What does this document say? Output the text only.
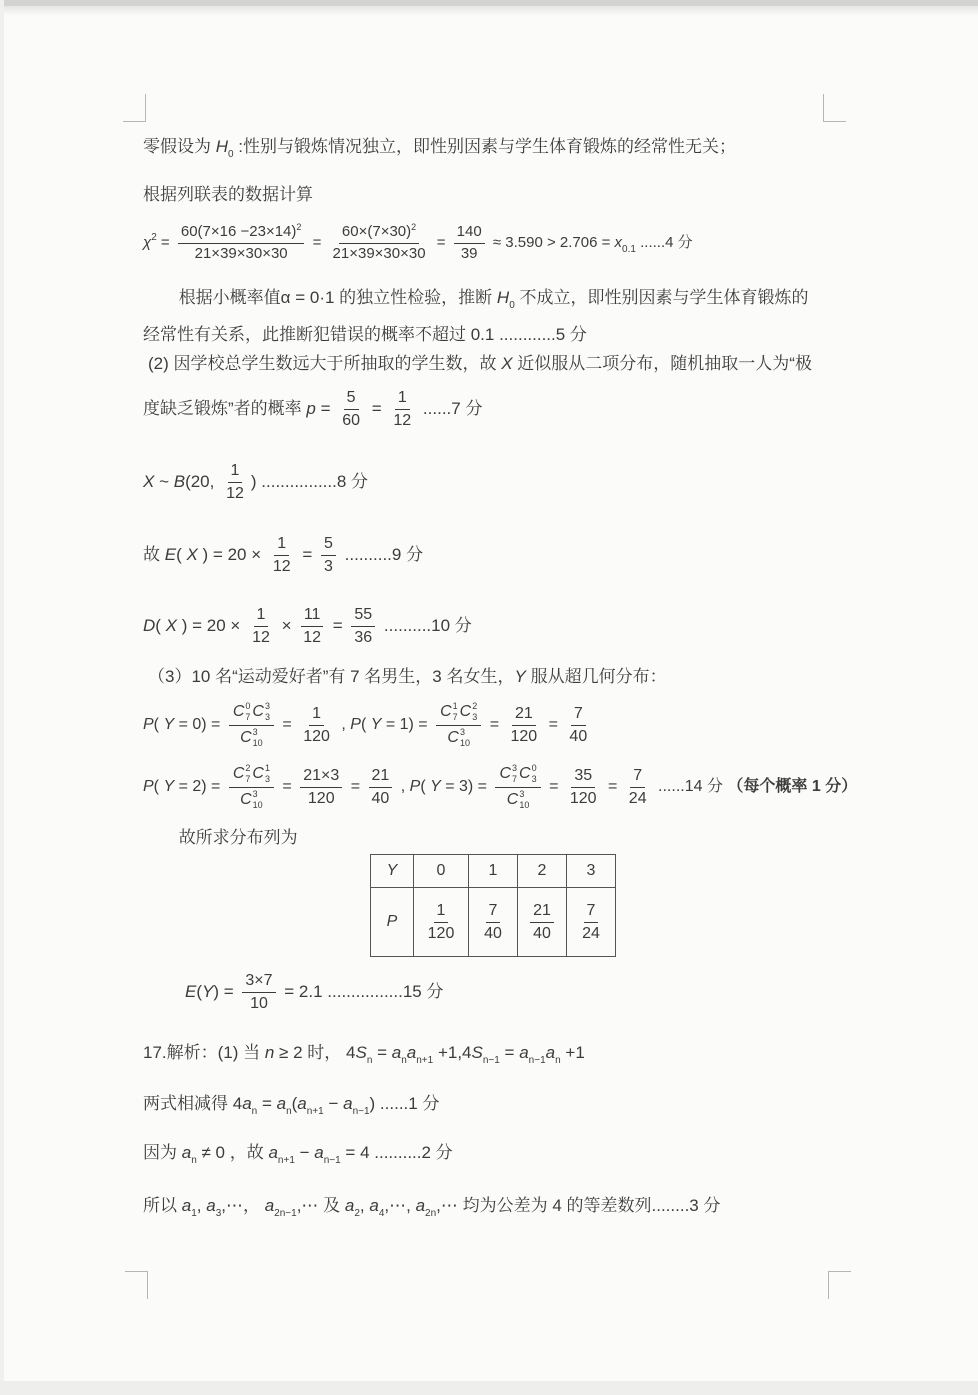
零假设为 $H_0$ :性别与锻炼情况独立，即性别因素与学生体育锻炼的经常性无关；
根据列联表的数据计算
$\chi^2 = \frac{60(7\times 16 -23\times 14)^2}{21\times 39\times 30\times 30} = \frac{60\times(7\times 30)^2}{21\times 39\times 30\times 30} = \frac{140}{39} \approx 3.590 > 2.706 = x_{0.1}$ ......4 分
根据小概率值α = 0·1 的独立性检验，推断 $H_0$ 不成立，即性别因素与学生体育锻炼的
经常性有关系，此推断犯错误的概率不超过 0.1 ............5 分
(2) 因学校总学生数远大于所抽取的学生数，故 X 近似服从二项分布，随机抽取一人为“极
度缺乏锻炼”者的概率 $p = \frac{5}{60} = \frac{1}{12} ......7$ 分
X ~ B(20, $\frac{1}{12}$ ) ................8 分
故 E( X ) = $20 \times \frac{1}{12} = \frac{5}{3} ..........9$ 分
D( X ) = $20 \times \frac{1}{12} \times \frac{11}{12} = \frac{55}{36} ..........10$ 分
（3）10 名“运动爱好者”有 7 名男生，3 名女生，Y 服从超几何分布：
P( Y = 0) = C 0
7 C 3
3
C 3
$10 = \frac{1}{120}$ , P( Y = 1) = C 1
7 C 2
3
C 3
$10 = \frac{21}{120} = \frac{7}{40}$
P( Y = 2) = C 2
7 C 1
3
C 3
$10 = \frac{21\times 3}{120} = \frac{21}{40}$ , P( Y = 3) = C 3
7 C 0
3
C 3
$10 = \frac{35}{120} = \frac{7}{24} ......14$ 分 （每个概率 1 分）
故所求分布列为
Y	0	1	2	3
P	$\frac{1}{120}$	$\frac{7}{40}$	$\frac{21}{40}$	$\frac{7}{24}$
$E(Y) = \frac{3\times 7}{10} = 2.1$ ................15 分
17.解析：(1) 当 n ≥ 2 时， $4S_n = a_na_{n+1} +1,4S_{n-1} = a_{n-1}a_n +1$
两式相减得 $4a_n = a_n(a_{n+1} - a_{n-1})$ ......1 分
因为 $a_n \ne 0$ ，故 $a_{n+1} - a_{n-1} = 4$ ..........2 分
所以 $a_1$, $a_3,\cdots$， $a_{2n-1},\cdots$ 及 $a_2$, $a_4,\cdots$, $a_{2n},\cdots$ 均为公差为 4 的等差数列........3 分
